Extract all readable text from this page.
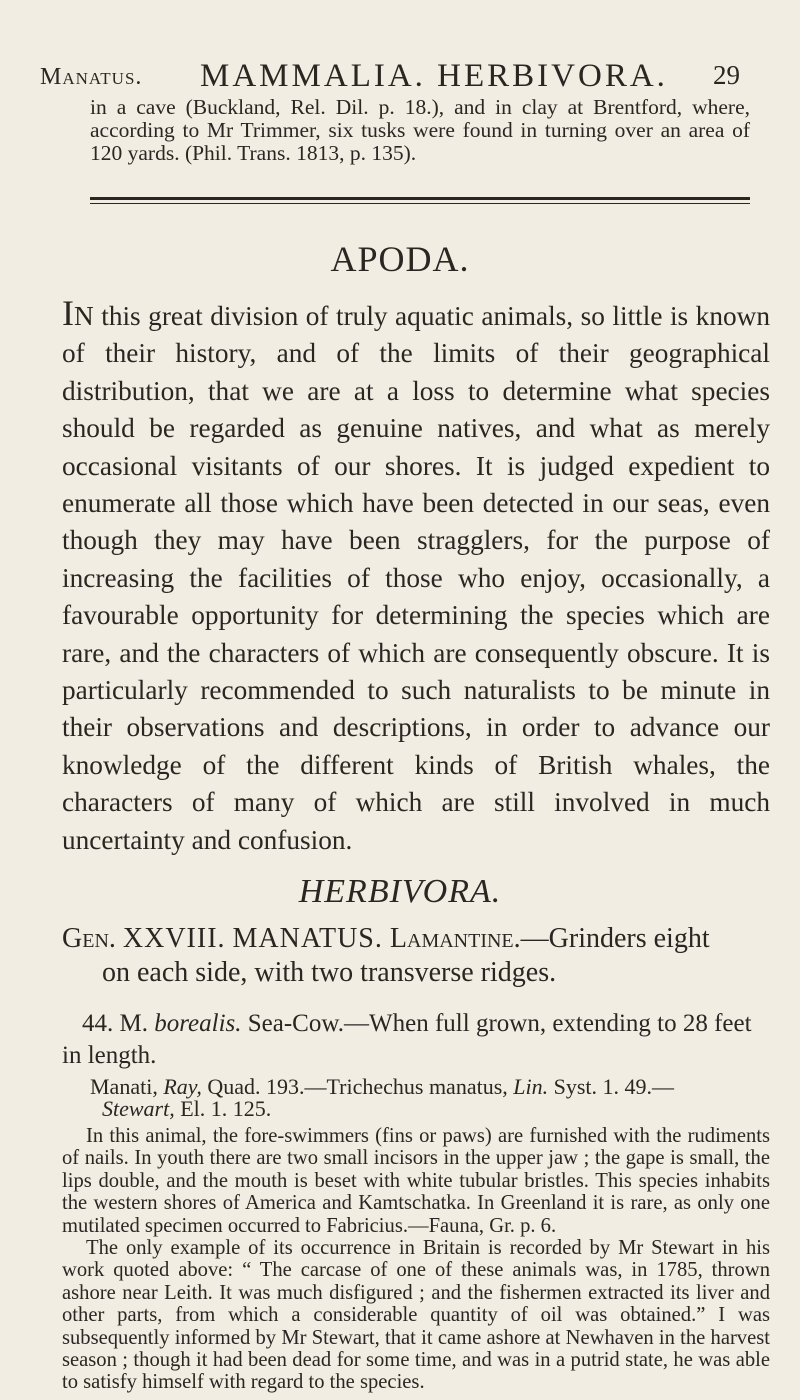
Manatus. MAMMALIA. HERBIVORA. 29
in a cave (Buckland, Rel. Dil. p. 18.), and in clay at Brentford, where, according to Mr Trimmer, six tusks were found in turning over an area of 120 yards. (Phil. Trans. 1813, p. 135).
APODA.
IN this great division of truly aquatic animals, so little is known of their history, and of the limits of their geographical distribution, that we are at a loss to determine what species should be regarded as genuine natives, and what as merely occasional visitants of our shores. It is judged expedient to enumerate all those which have been detected in our seas, even though they may have been stragglers, for the purpose of increasing the facilities of those who enjoy, occasionally, a favourable opportunity for determining the species which are rare, and the characters of which are consequently obscure. It is particularly recommended to such naturalists to be minute in their observations and descriptions, in order to advance our knowledge of the different kinds of British whales, the characters of many of which are still involved in much uncertainty and confusion.
HERBIVORA.
Gen. XXVIII. MANATUS. Lamantine.—Grinders eight
on each side, with two transverse ridges.
44. M. borealis. Sea-Cow.—When full grown, extending to 28 feet in length.
Manati, Ray, Quad. 193.—Trichechus manatus, Lin. Syst. 1. 49.—
Stewart, El. 1. 125.

In this animal, the fore-swimmers (fins or paws) are furnished with the rudiments of nails. In youth there are two small incisors in the upper jaw ; the gape is small, the lips double, and the mouth is beset with white tubular bristles. This species inhabits the western shores of America and Kamtschatka. In Greenland it is rare, as only one mutilated specimen occurred to Fabricius.—Fauna, Gr. p. 6.

The only example of its occurrence in Britain is recorded by Mr Stewart in his work quoted above: “ The carcase of one of these animals was, in 1785, thrown ashore near Leith. It was much disfigured ; and the fishermen extracted its liver and other parts, from which a considerable quantity of oil was obtained.” I was subsequently informed by Mr Stewart, that it came ashore at Newhaven in the harvest season ; though it had been dead for some time, and was in a putrid state, he was able to satisfy himself with regard to the species.
